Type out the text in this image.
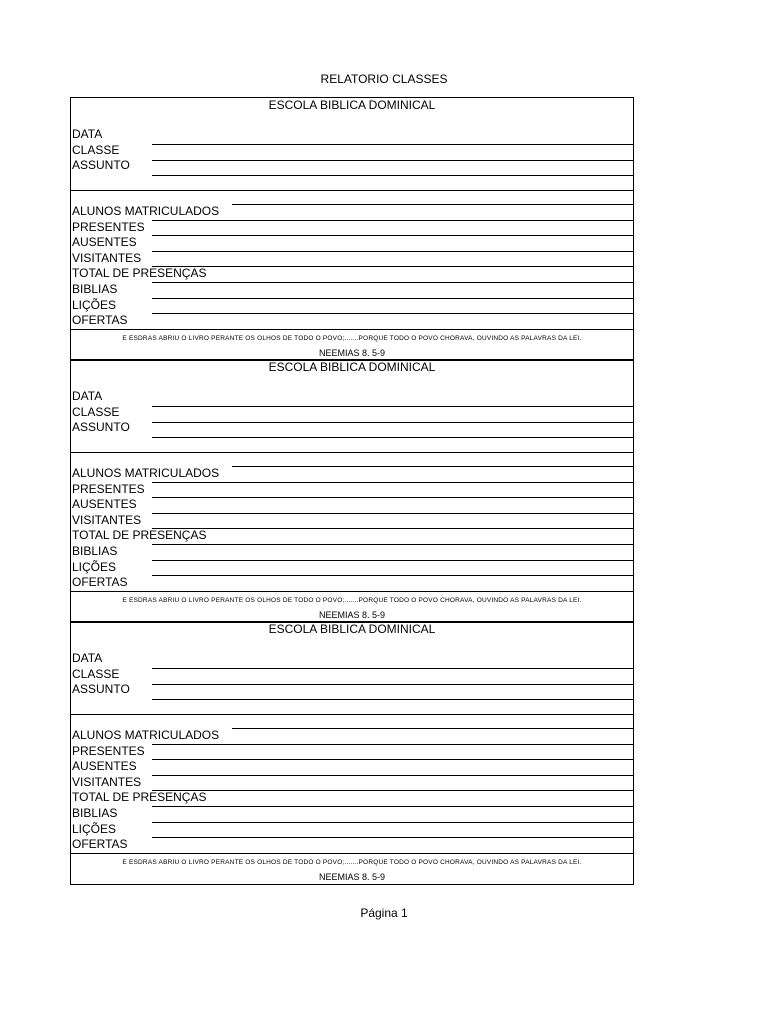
RELATORIO CLASSES
ESCOLA BIBLICA DOMINICAL
DATA
CLASSE
ASSUNTO
ALUNOS MATRICULADOS
PRESENTES
AUSENTES
VISITANTES
TOTAL DE PRESENÇAS
BIBLIAS
LIÇÕES
OFERTAS
E ESDRAS ABRIU O LIVRO PERANTE OS OLHOS DE TODO O POVO;.......PORQUE TODO O POVO CHORAVA, OUVINDO AS PALAVRAS DA LEI.
NEEMIAS 8. 5-9
ESCOLA BIBLICA DOMINICAL
DATA
CLASSE
ASSUNTO
ALUNOS MATRICULADOS
PRESENTES
AUSENTES
VISITANTES
TOTAL DE PRESENÇAS
BIBLIAS
LIÇÕES
OFERTAS
E ESDRAS ABRIU O LIVRO PERANTE OS OLHOS DE TODO O POVO;.......PORQUE TODO O POVO CHORAVA, OUVINDO AS PALAVRAS DA LEI.
NEEMIAS 8. 5-9
ESCOLA BIBLICA DOMINICAL
DATA
CLASSE
ASSUNTO
ALUNOS MATRICULADOS
PRESENTES
AUSENTES
VISITANTES
TOTAL DE PRESENÇAS
BIBLIAS
LIÇÕES
OFERTAS
E ESDRAS ABRIU O LIVRO PERANTE OS OLHOS DE TODO O POVO;.......PORQUE TODO O POVO CHORAVA, OUVINDO AS PALAVRAS DA LEI.
NEEMIAS 8. 5-9
Página 1
